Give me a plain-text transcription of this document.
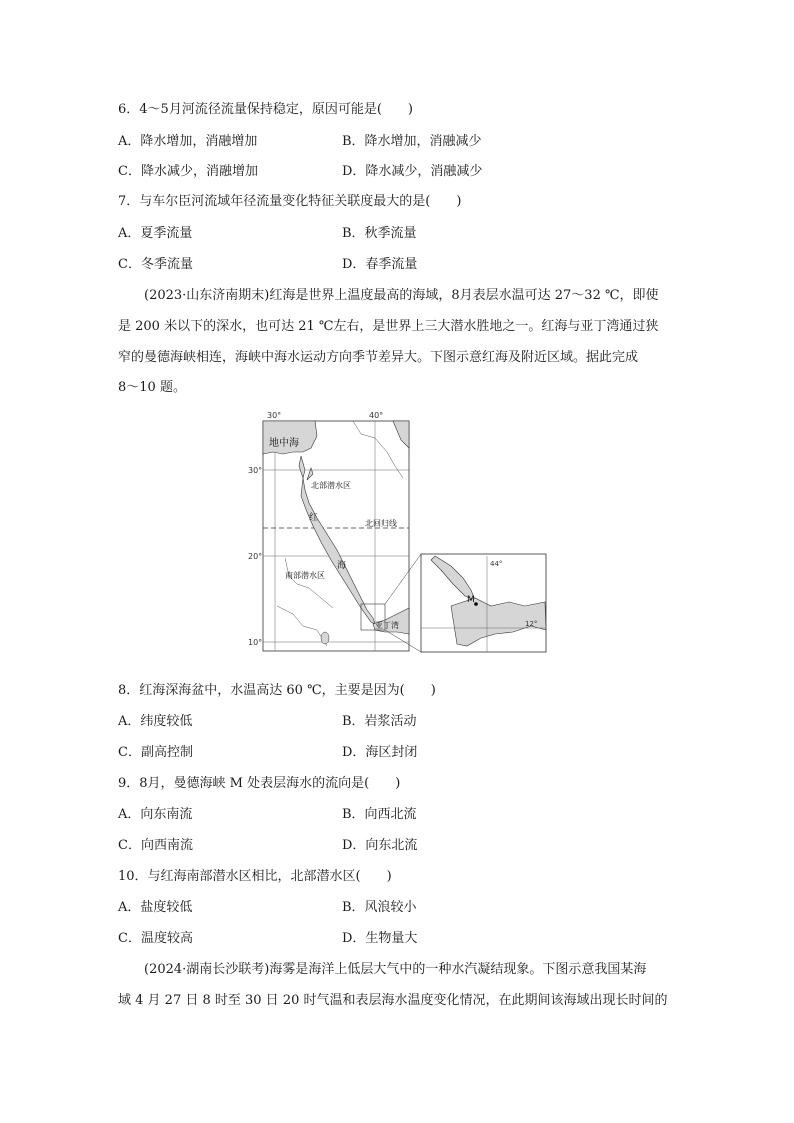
6．4～5月河流径流量保持稳定，原因可能是(　　)
A．降水增加，消融增加	B．降水增加，消融减少
C．降水减少，消融增加	D．降水减少，消融减少
7．与车尔臣河流域年径流量变化特征关联度最大的是(　　)
A．夏季流量	B．秋季流量
C．冬季流量	D．春季流量
(2023·山东济南期末)红海是世界上温度最高的海域，8月表层水温可达 27～32 ℃，即使
是 200 米以下的深水，也可达 21 ℃左右，是世界上三大潜水胜地之一。红海与亚丁湾通过狭
窄的曼德海峡相连，海峡中海水运动方向季节差异大。下图示意红海及附近区域。据此完成
8～10 题。
30°	40°
30°
20°
10°
地中海
北部潜水区
红
海
北回归线
南部潜水区
亚丁湾
44°
12°
M
8．红海深海盆中，水温高达 60 ℃，主要是因为(　　)
A．纬度较低	B．岩浆活动
C．副高控制	D．海区封闭
9．8月，曼德海峡 M 处表层海水的流向是(　　)
A．向东南流	B．向西北流
C．向西南流	D．向东北流
10．与红海南部潜水区相比，北部潜水区(　　)
A．盐度较低	B．风浪较小
C．温度较高	D．生物量大
(2024·湖南长沙联考)海雾是海洋上低层大气中的一种水汽凝结现象。下图示意我国某海
域 4 月 27 日 8 时至 30 日 20 时气温和表层海水温度变化情况，在此期间该海域出现长时间的
